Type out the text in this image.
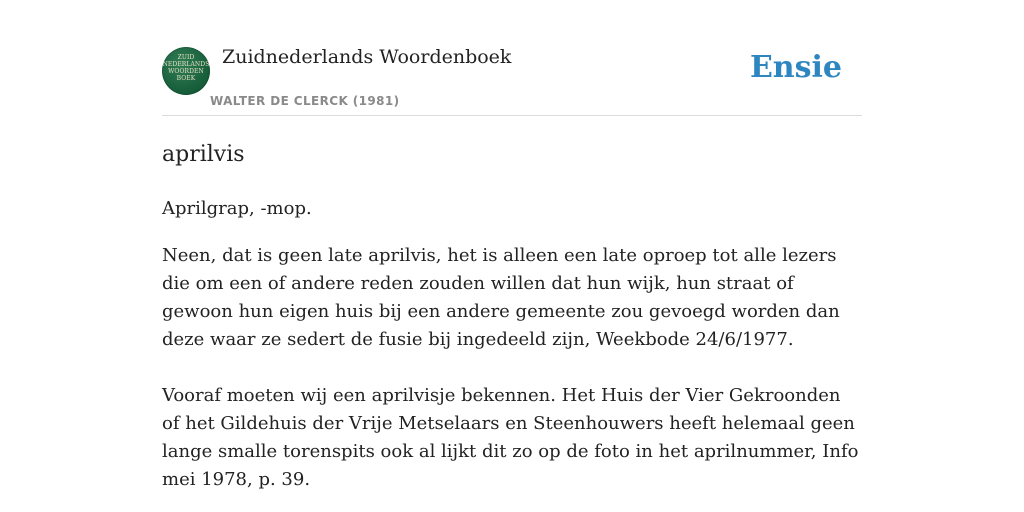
ZUID
NEDERLANDS
WOORDEN
BOEK
Zuidnederlands Woordenboek
WALTER DE CLERCK (1981)
Ensie
aprilvis

Aprilgrap, -mop.

Neen, dat is geen late aprilvis, het is alleen een late oproep tot alle lezers die om een of andere reden zouden willen dat hun wijk, hun straat of gewoon hun eigen huis bij een andere gemeente zou gevoegd worden dan deze waar ze sedert de fusie bij ingedeeld zijn, Weekbode 24/6/1977.

Vooraf moeten wij een aprilvisje bekennen. Het Huis der Vier Gekroonden of het Gildehuis der Vrije Metselaars en Steenhouwers heeft helemaal geen lange smalle torenspits ook al lijkt dit zo op de foto in het aprilnummer, Info mei 1978, p. 39.
